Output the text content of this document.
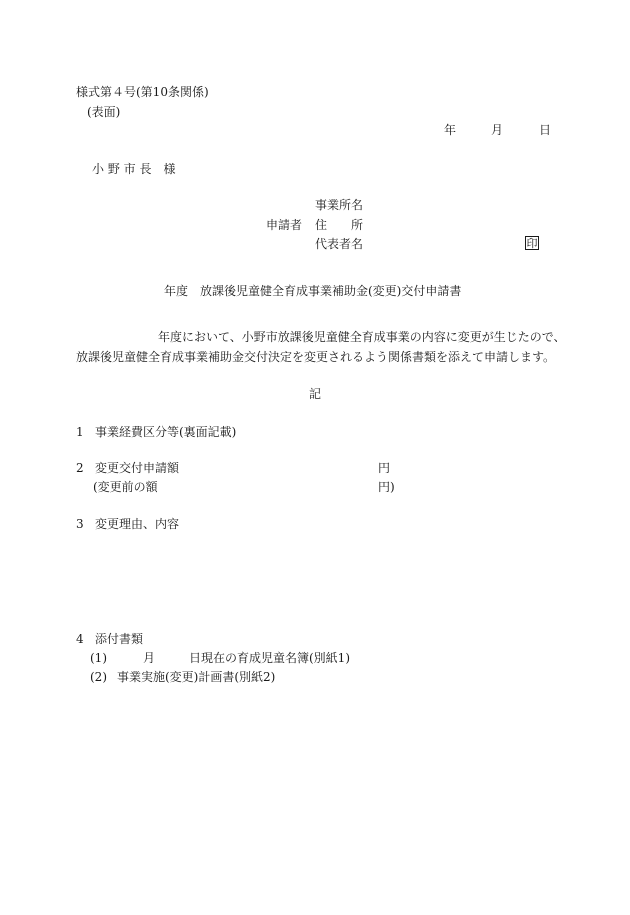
様式第４号(第10条関係)
(表面)
年	月	日
小 野 市 長　様
事業所名
申請者 住　　所
代表者名	印
年度　放課後児童健全育成事業補助金(変更)交付申請書
年度において、小野市放課後児童健全育成事業の内容に変更が生じたので、
放課後児童健全育成事業補助金交付決定を変更されるよう関係書類を添えて申請します。
記
1 事業経費区分等(裏面記載)
2 変更交付申請額	円
(変更前の額	円)
3 変更理由、内容
4 添付書類
(1)	月	日現在の育成児童名簿(別紙1)
(2) 事業実施(変更)計画書(別紙2)
